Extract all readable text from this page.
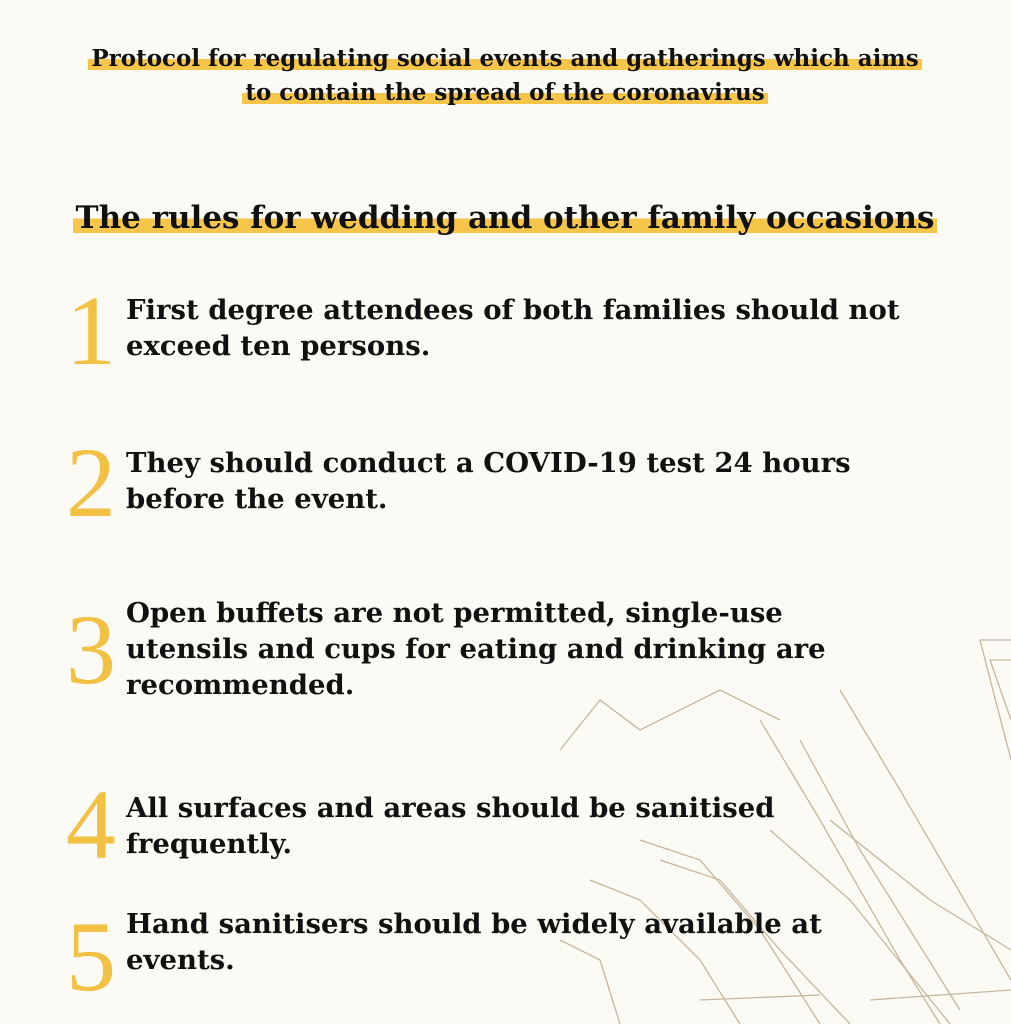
Protocol for regulating social events and gatherings which aims
to contain the spread of the coronavirus
The rules for wedding and other family occasions
1 First degree attendees of both families should not exceed ten persons.
2 They should conduct a COVID-19 test 24 hours before the event.
3 Open buffets are not permitted, single-use utensils and cups for eating and drinking are recommended.
4 All surfaces and areas should be sanitised frequently.
5 Hand sanitisers should be widely available at events.
